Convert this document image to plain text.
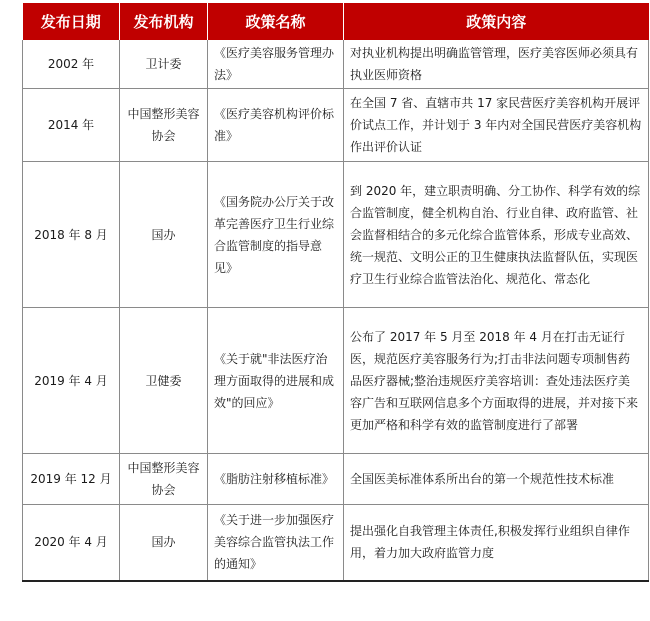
发布日期	发布机构	政策名称	政策内容
2002 年	卫计委	《医疗美容服务管理办法》	对执业机构提出明确监管管理，医疗美容医师必须具有执业医师资格
2014 年	中国整形美容协会	《医疗美容机构评价标准》	在全国 7 省、直辖市共 17 家民营医疗美容机构开展评价试点工作，并计划于 3 年内对全国民营医疗美容机构作出评价认证
2018 年 8 月	国办	《国务院办公厅关于改革完善医疗卫生行业综合监管制度的指导意见》	到 2020 年，建立职责明确、分工协作、科学有效的综合监管制度，健全机构自治、行业自律、政府监管、社会监督相结合的多元化综合监管体系，形成专业高效、统一规范、文明公正的卫生健康执法监督队伍，实现医疗卫生行业综合监管法治化、规范化、常态化
2019 年 4 月	卫健委	《关于就"非法医疗治理方面取得的进展和成效"的回应》	公布了 2017 年 5 月至 2018 年 4 月在打击无证行医，规范医疗美容服务行为;打击非法问题专项制售药品医疗器械;整治违规医疗美容培训：查处违法医疗美容广告和互联网信息多个方面取得的进展，并对接下来更加严格和科学有效的监管制度进行了部署
2019 年 12 月	中国整形美容协会	《脂肪注射移植标准》	全国医美标准体系所出台的第一个规范性技术标准
2020 年 4 月	国办	《关于进一步加强医疗美容综合监管执法工作的通知》	提出强化自我管理主体责任,积极发挥行业组织自律作用，着力加大政府监管力度
